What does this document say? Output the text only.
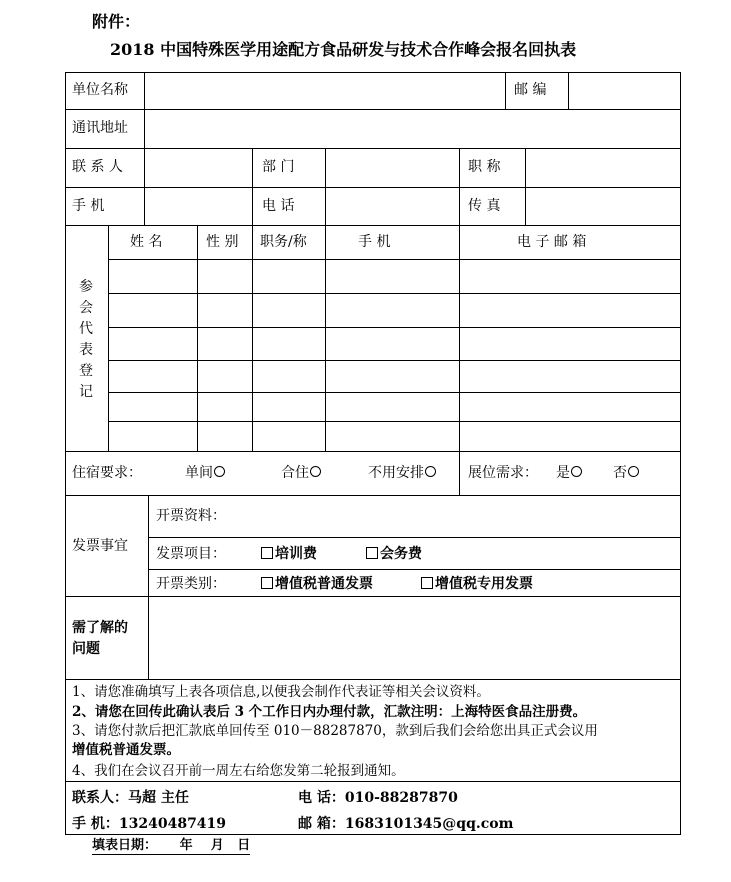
附件：
2018 中国特殊医学用途配方食品研发与技术合作峰会报名回执表
单位名称	邮 编
通讯地址
联 系 人	部 门	职 称
手 机	电 话	传 真
参会代表登记
姓 名	性 别 职务/称	手 机	电 子 邮 箱
住宿要求：	单间	合住	不用安排	展位需求： 是	否
发票事宜
开票资料：
发票项目：	培训费	会务费
开票类别：	增值税普通发票	增值税专用发票
需了解的问题
1、请您准确填写上表各项信息,以便我会制作代表证等相关会议资料。
2、请您在回传此确认表后 3 个工作日内办理付款，汇款注明：上海特医食品注册费。
3、请您付款后把汇款底单回传至 010－88287870，款到后我们会给您出具正式会议用
增值税普通发票。
4、我们在会议召开前一周左右给您发第二轮报到通知。
联系人：马超 主任	电 话：010-88287870
手 机：13240487419	邮 箱：1683101345@qq.com
填表日期：     年    月   日
